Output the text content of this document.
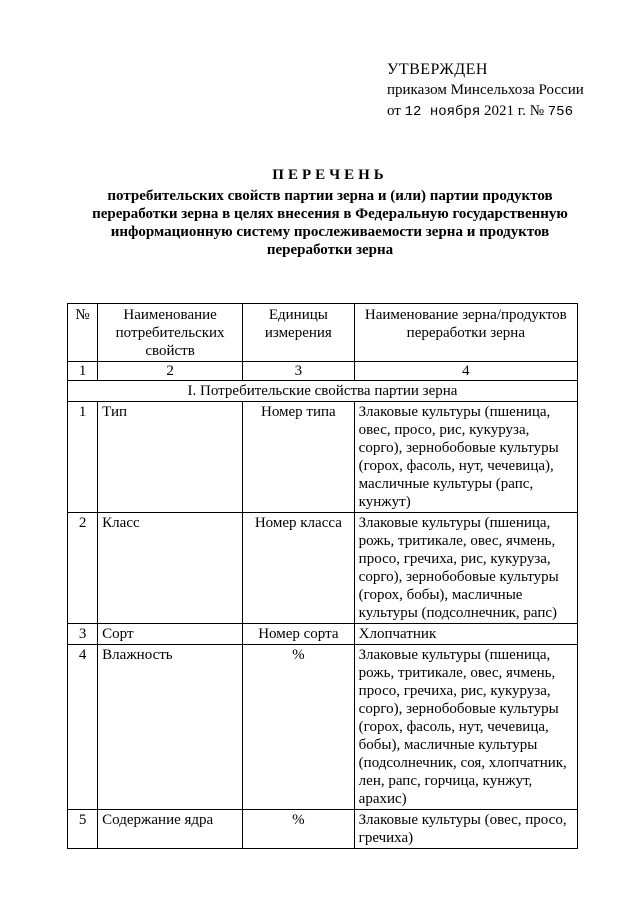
УТВЕРЖДЕН
приказом Минсельхоза России
от 12 ноября 2021 г. № 756
ПЕРЕЧЕНЬ
потребительских свойств партии зерна и (или) партии продуктов
переработки зерна в целях внесения в Федеральную государственную
информационную систему прослеживаемости зерна и продуктов
переработки зерна
№	Наименование потребительских свойств	Единицы измерения	Наименование зерна/продуктов переработки зерна
1	2	3	4
I. Потребительские свойства партии зерна			
1	Тип	Номер типа	Злаковые культуры (пшеница, овес, просо, рис, кукуруза, сорго), зернобобовые культуры (горох, фасоль, нут, чечевица), масличные культуры (рапс, кунжут)
2	Класс	Номер класса	Злаковые культуры (пшеница, рожь, тритикале, овес, ячмень, просо, гречиха, рис, кукуруза, сорго), зернобобовые культуры (горох, бобы), масличные культуры (подсолнечник, рапс)
3	Сорт	Номер сорта	Хлопчатник
4	Влажность	%	Злаковые культуры (пшеница, рожь, тритикале, овес, ячмень, просо, гречиха, рис, кукуруза, сорго), зернобобовые культуры (горох, фасоль, нут, чечевица, бобы), масличные культуры (подсолнечник, соя, хлопчатник, лен, рапс, горчица, кунжут, арахис)
5	Содержание ядра	%	Злаковые культуры (овес, просо, гречиха)
